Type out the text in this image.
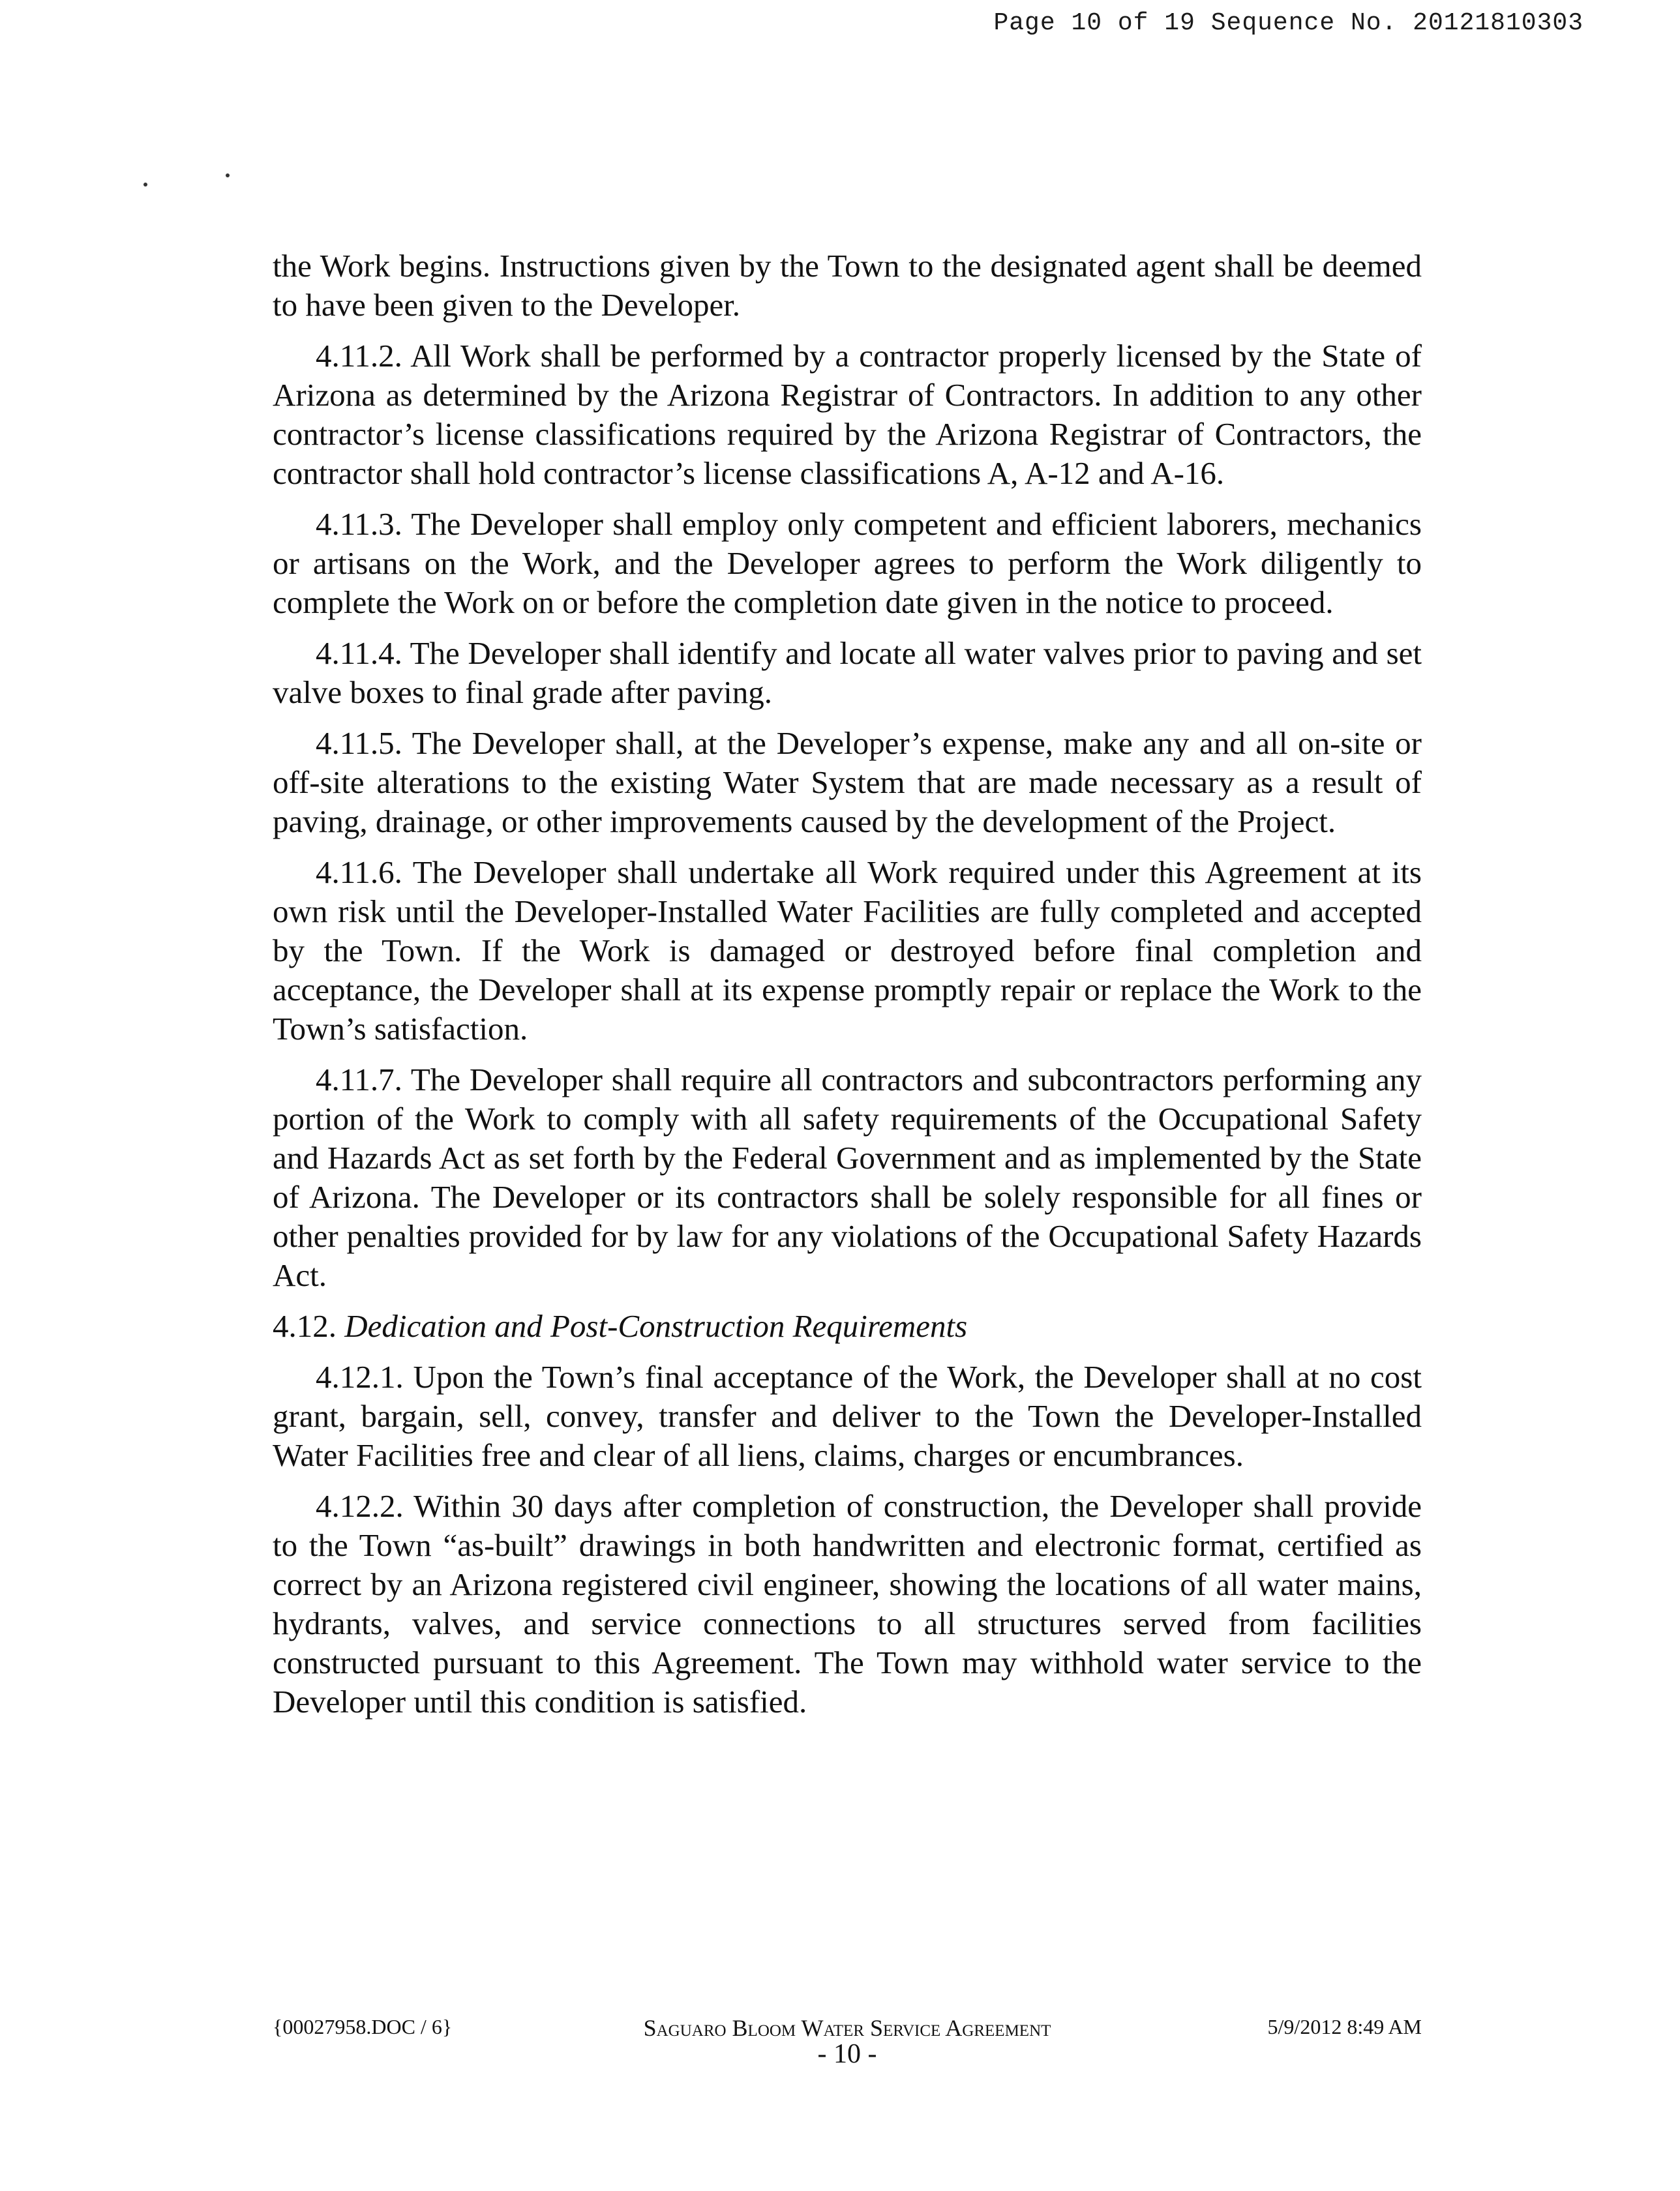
Page 10 of 19 Sequence No. 20121810303

the Work begins. Instructions given by the Town to the designated agent shall be deemed to have been given to the Developer.

4.11.2. All Work shall be performed by a contractor properly licensed by the State of Arizona as determined by the Arizona Registrar of Contractors. In addition to any other contractor’s license classifications required by the Arizona Registrar of Contractors, the contractor shall hold contractor’s license classifications A, A-12 and A-16.

4.11.3. The Developer shall employ only competent and efficient laborers, mechanics or artisans on the Work, and the Developer agrees to perform the Work diligently to complete the Work on or before the completion date given in the notice to proceed.

4.11.4. The Developer shall identify and locate all water valves prior to paving and set valve boxes to final grade after paving.

4.11.5. The Developer shall, at the Developer’s expense, make any and all on-site or off-site alterations to the existing Water System that are made necessary as a result of paving, drainage, or other improvements caused by the development of the Project.

4.11.6. The Developer shall undertake all Work required under this Agreement at its own risk until the Developer-Installed Water Facilities are fully completed and accepted by the Town. If the Work is damaged or destroyed before final completion and acceptance, the Developer shall at its expense promptly repair or replace the Work to the Town’s satisfaction.

4.11.7. The Developer shall require all contractors and subcontractors performing any portion of the Work to comply with all safety requirements of the Occupational Safety and Hazards Act as set forth by the Federal Government and as implemented by the State of Arizona. The Developer or its contractors shall be solely responsible for all fines or other penalties provided for by law for any violations of the Occupational Safety Hazards Act.

4.12. Dedication and Post-Construction Requirements

4.12.1. Upon the Town’s final acceptance of the Work, the Developer shall at no cost grant, bargain, sell, convey, transfer and deliver to the Town the Developer-Installed Water Facilities free and clear of all liens, claims, charges or encumbrances.

4.12.2. Within 30 days after completion of construction, the Developer shall provide to the Town “as-built” drawings in both handwritten and electronic format, certified as correct by an Arizona registered civil engineer, showing the locations of all water mains, hydrants, valves, and service connections to all structures served from facilities constructed pursuant to this Agreement. The Town may withhold water service to the Developer until this condition is satisfied.

{00027958.DOC / 6}	Saguaro Bloom Water Service Agreement	5/9/2012 8:49 AM
- 10 -
